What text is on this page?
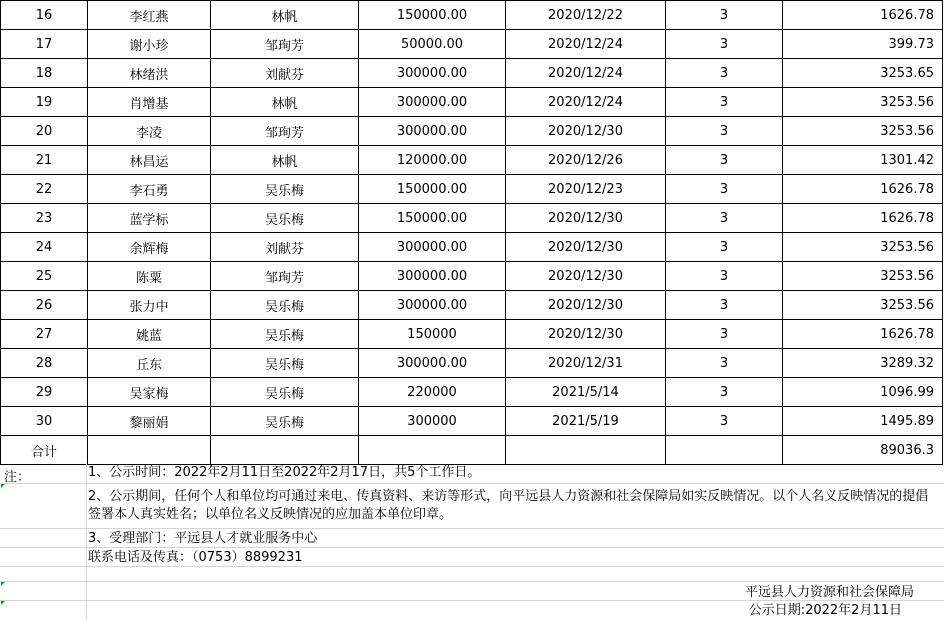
16	李红燕	林帆	150000.00	2020/12/22	3	1626.78
17	谢小珍	邹珣芳	50000.00	2020/12/24	3	399.73
18	林绪洪	刘献芬	300000.00	2020/12/24	3	3253.65
19	肖增基	林帆	300000.00	2020/12/24	3	3253.56
20	李凌	邹珣芳	300000.00	2020/12/30	3	3253.56
21	林昌运	林帆	120000.00	2020/12/26	3	1301.42
22	李石勇	吴乐梅	150000.00	2020/12/23	3	1626.78
23	蓝学标	吴乐梅	150000.00	2020/12/30	3	1626.78
24	余辉梅	刘献芬	300000.00	2020/12/30	3	3253.56
25	陈粟	邹珣芳	300000.00	2020/12/30	3	3253.56
26	张力中	吴乐梅	300000.00	2020/12/30	3	3253.56
27	姚蓝	吴乐梅	150000	2020/12/30	3	1626.78
28	丘东	吴乐梅	300000.00	2020/12/31	3	3289.32
29	吴家梅	吴乐梅	220000	2021/5/14	3	1096.99
30	黎丽娟	吴乐梅	300000	2021/5/19	3	1495.89
合计						89036.3
注：	1、公示时间：2022年2月11日至2022年2月17日，共5个工作日。
2、公示期间，任何个人和单位均可通过来电、传真资料、来访等形式，向平远县人力资源和社会保障局如实反映情况。以个人名义反映情况的提倡签署本人真实姓名；以单位名义反映情况的应加盖本单位印章。
3、受理部门：平远县人才就业服务中心
联系电话及传真：（0753）8899231
平远县人力资源和社会保障局
公示日期:2022年2月11日
